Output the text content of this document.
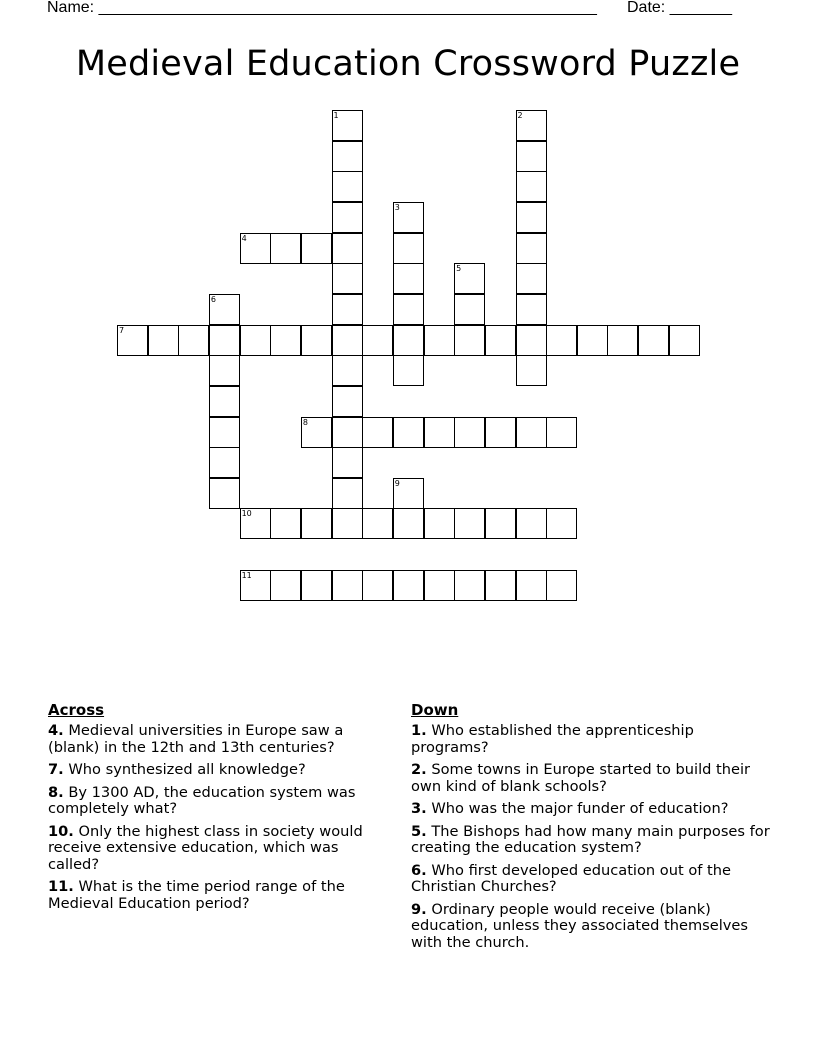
Name: ________________________________________________________ Date: _______
Medieval Education Crossword Puzzle
1	2
3
4
5
6
7
8
9
10
11
Across
4. Medieval universities in Europe saw a (blank) in the 12th and 13th centuries?
7. Who synthesized all knowledge?
8. By 1300 AD, the education system was completely what?
10. Only the highest class in society would receive extensive education, which was called?
11. What is the time period range of the Medieval Education period?
Down
1. Who established the apprenticeship programs?
2. Some towns in Europe started to build their own kind of blank schools?
3. Who was the major funder of education?
5. The Bishops had how many main purposes for creating the education system?
6. Who first developed education out of the Christian Churches?
9. Ordinary people would receive (blank) education, unless they associated themselves with the church.
